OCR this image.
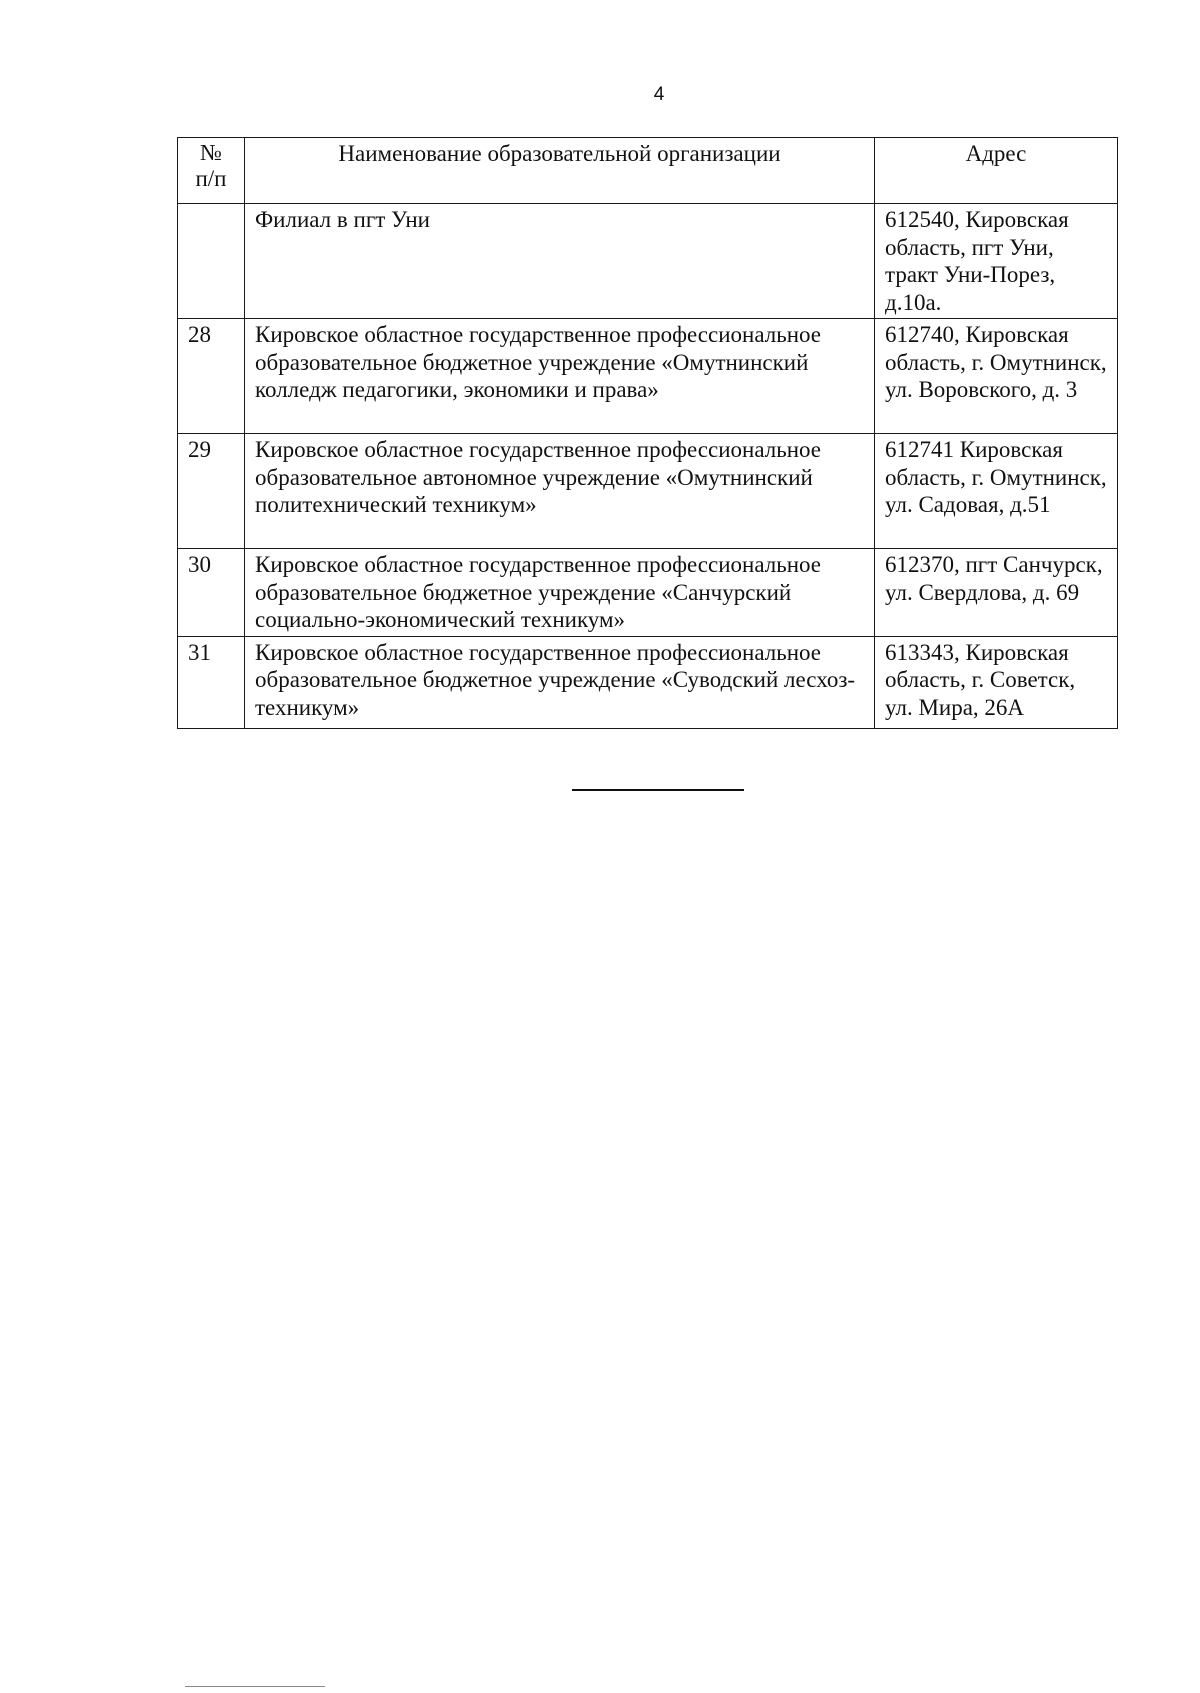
4
№
п/п	Наименование образовательной организации	Адрес
	Филиал в пгт Уни	612540, Кировская область, пгт Уни, тракт Уни-Порез, д.10а.
28	Кировское областное государственное профессиональное образовательное бюджетное учреждение «Омутнинский колледж педагогики, экономики и права»	612740, Кировская область, г. Омутнинск, ул. Воровского, д. 3
29	Кировское областное государственное профессиональное образовательное автономное учреждение «Омутнинский политехнический техникум»	612741 Кировская область, г. Омутнинск, ул. Садовая, д.51
30	Кировское областное государственное профессиональное образовательное бюджетное учреждение «Санчурский социально-экономический техникум»	612370, пгт Санчурск, ул. Свердлова, д. 69
31	Кировское областное государственное профессиональное образовательное бюджетное учреждение «Суводский лесхоз-техникум»	613343, Кировская область, г. Советск, ул. Мира, 26А
